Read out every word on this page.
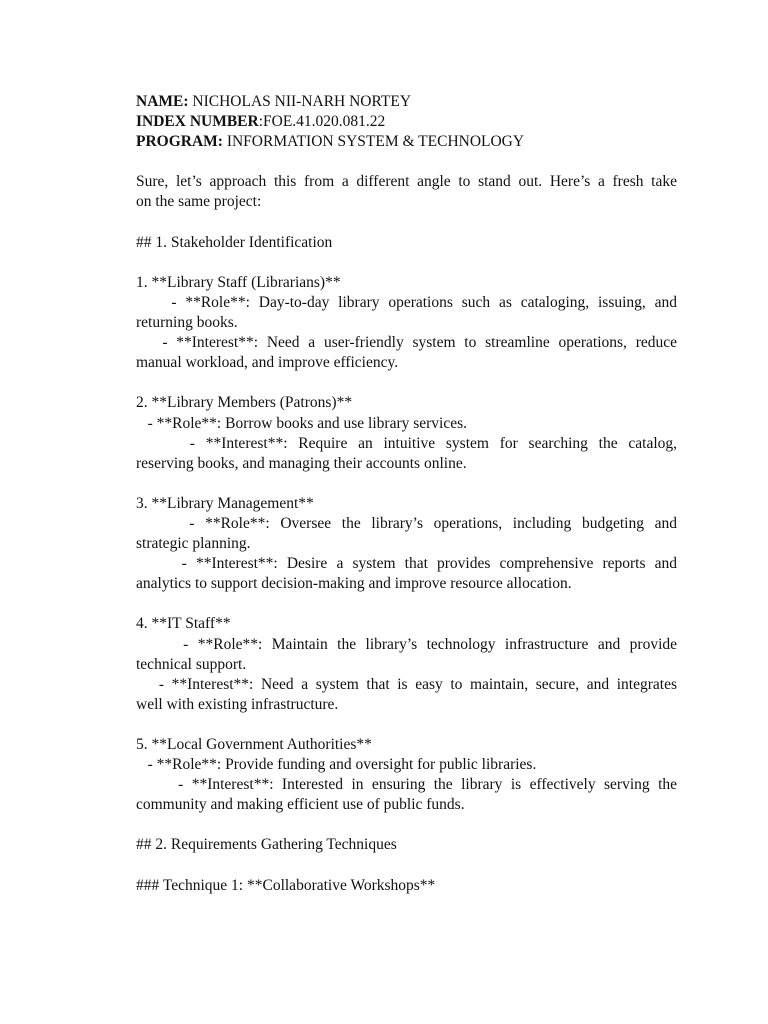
NAME: NICHOLAS NII-NARH NORTEY
INDEX NUMBER:FOE.41.020.081.22
PROGRAM: INFORMATION SYSTEM & TECHNOLOGY
Sure, let’s approach this from a different angle to stand out. Here’s a fresh take
on the same project:
## 1. Stakeholder Identification
1. **Library Staff (Librarians)**
- **Role**: Day-to-day library operations such as cataloging, issuing, and
returning books.
- **Interest**: Need a user-friendly system to streamline operations, reduce
manual workload, and improve efficiency.
2. **Library Members (Patrons)**
- **Role**: Borrow books and use library services.
- **Interest**: Require an intuitive system for searching the catalog,
reserving books, and managing their accounts online.
3. **Library Management**
- **Role**: Oversee the library’s operations, including budgeting and
strategic planning.
- **Interest**: Desire a system that provides comprehensive reports and
analytics to support decision-making and improve resource allocation.
4. **IT Staff**
- **Role**: Maintain the library’s technology infrastructure and provide
technical support.
- **Interest**: Need a system that is easy to maintain, secure, and integrates
well with existing infrastructure.
5. **Local Government Authorities**
- **Role**: Provide funding and oversight for public libraries.
- **Interest**: Interested in ensuring the library is effectively serving the
community and making efficient use of public funds.
## 2. Requirements Gathering Techniques
### Technique 1: **Collaborative Workshops**
